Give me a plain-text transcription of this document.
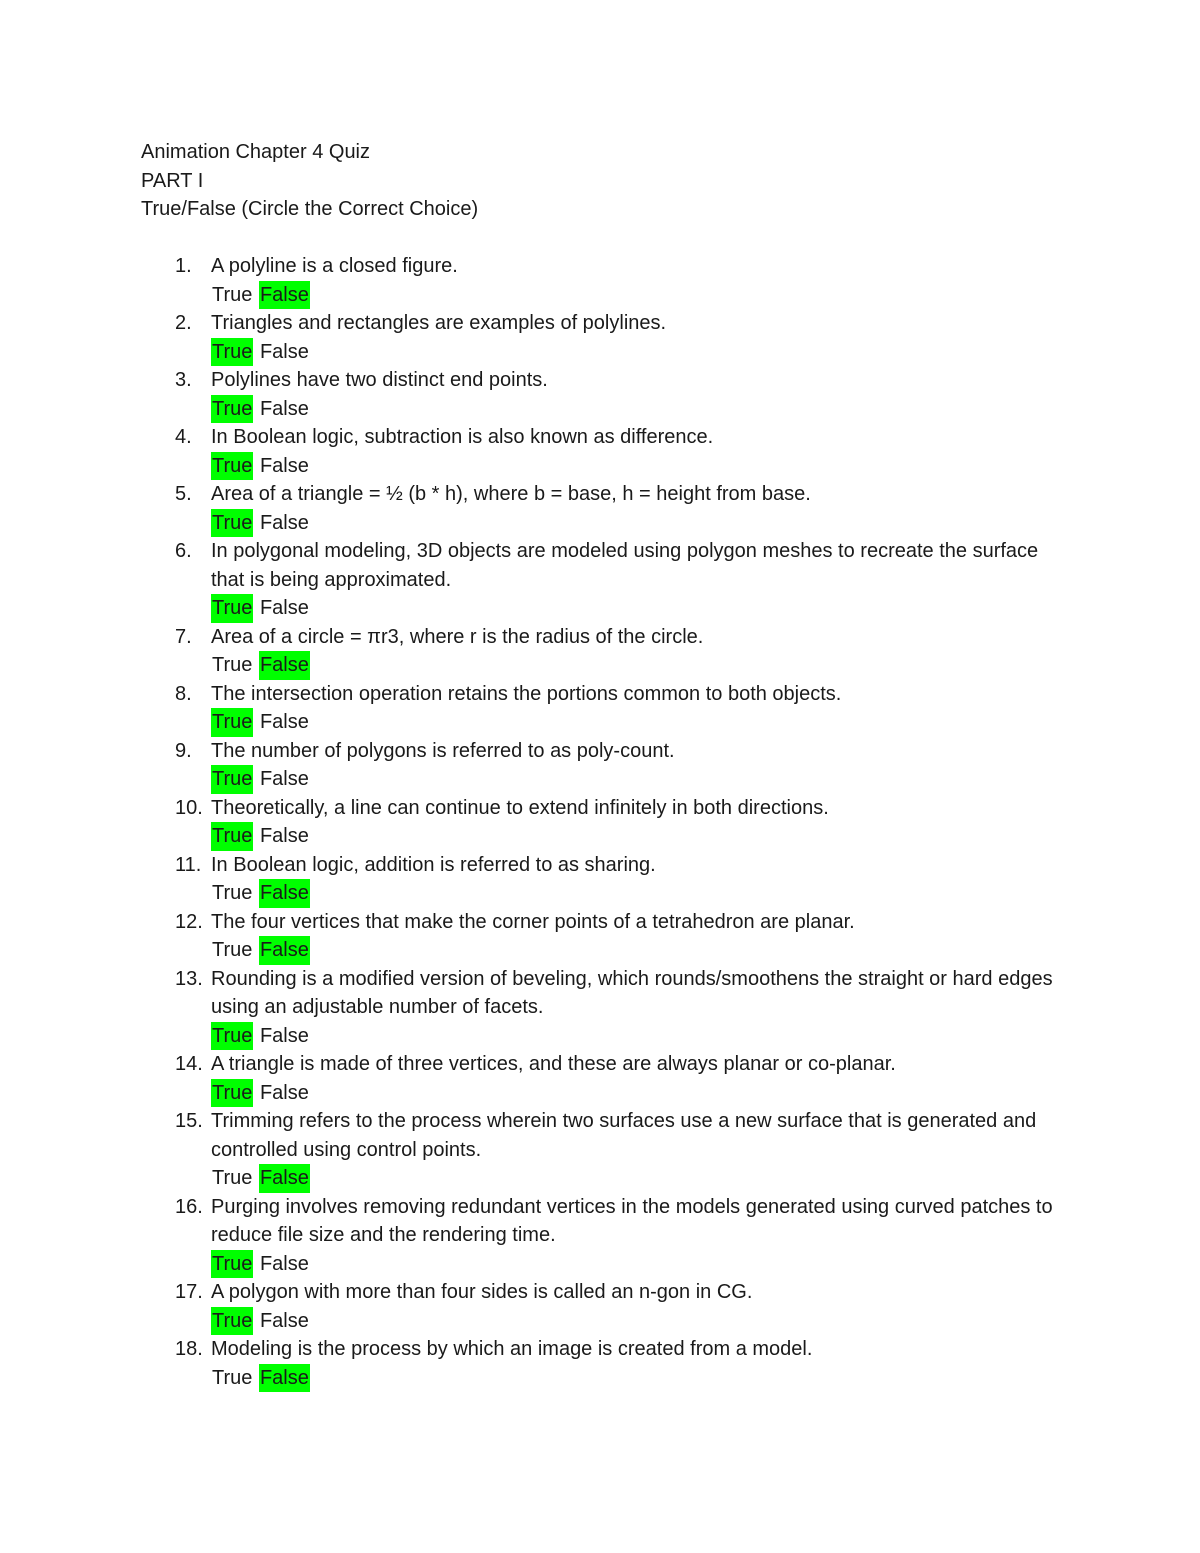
Animation Chapter 4 Quiz

PART I

True/False (Circle the Correct Choice)

1. A polyline is a closed figure.
True False
2. Triangles and rectangles are examples of polylines.
True False
3. Polylines have two distinct end points.
True False
4. In Boolean logic, subtraction is also known as difference.
True False
5. Area of a triangle = ½ (b * h), where b = base, h = height from base.
True False
6. In polygonal modeling, 3D objects are modeled using polygon meshes to recreate the surface that is being approximated.
True False
7. Area of a circle = πr3, where r is the radius of the circle.
True False
8. The intersection operation retains the portions common to both objects.
True False
9. The number of polygons is referred to as poly-count.
True False
10. Theoretically, a line can continue to extend infinitely in both directions.
True False
11. In Boolean logic, addition is referred to as sharing.
True False
12. The four vertices that make the corner points of a tetrahedron are planar.
True False
13. Rounding is a modified version of beveling, which rounds/smoothens the straight or hard edges using an adjustable number of facets.
True False
14. A triangle is made of three vertices, and these are always planar or co-planar.
True False
15. Trimming refers to the process wherein two surfaces use a new surface that is generated and controlled using control points.
True False
16. Purging involves removing redundant vertices in the models generated using curved patches to reduce file size and the rendering time.
True False
17. A polygon with more than four sides is called an n-gon in CG.
True False
18. Modeling is the process by which an image is created from a model.
True False
